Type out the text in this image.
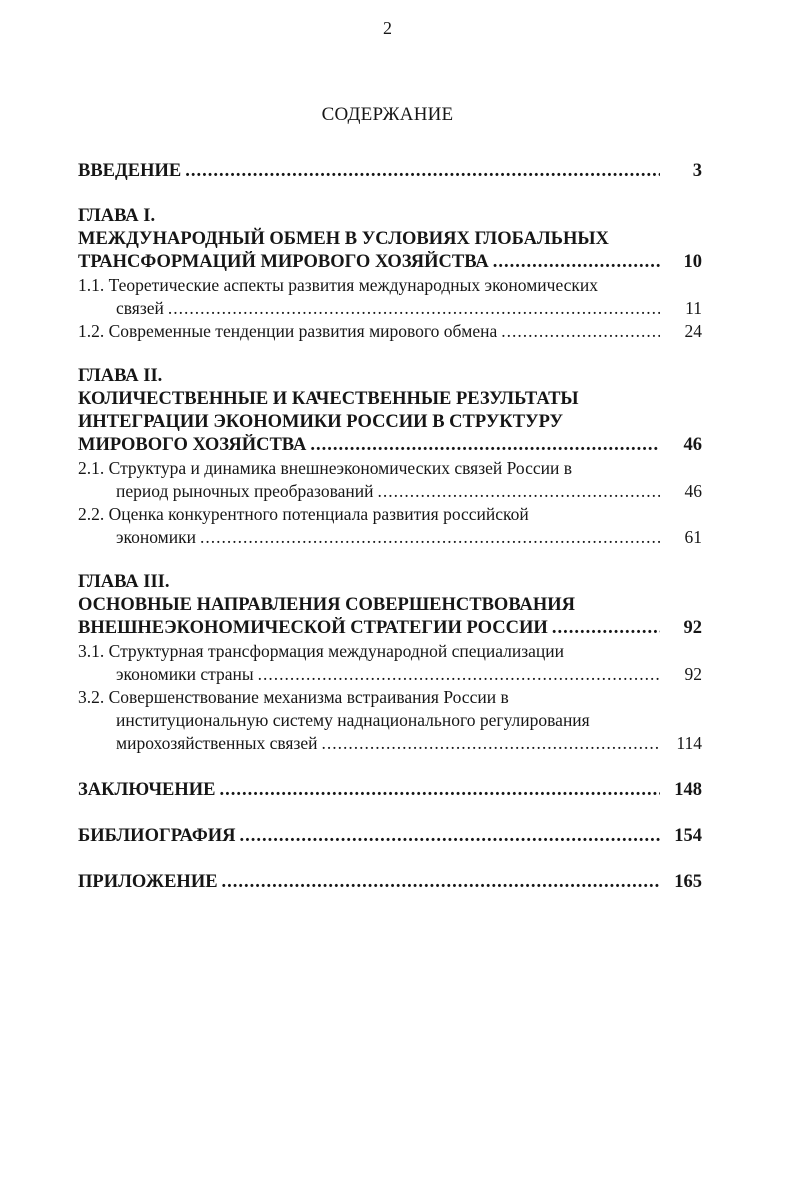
2
СОДЕРЖАНИЕ
ВВЕДЕНИЕ .....	3
ГЛАВА I.
МЕЖДУНАРОДНЫЙ ОБМЕН В УСЛОВИЯХ ГЛОБАЛЬНЫХ
ТРАНСФОРМАЦИЙ МИРОВОГО ХОЗЯЙСТВА .....	10
1.1. Теоретические аспекты развития международных экономических
связей .....	11
1.2. Современные тенденции развития мирового обмена .....	24
ГЛАВА II.
КОЛИЧЕСТВЕННЫЕ И КАЧЕСТВЕННЫЕ РЕЗУЛЬТАТЫ
ИНТЕГРАЦИИ ЭКОНОМИКИ РОССИИ В СТРУКТУРУ
МИРОВОГО ХОЗЯЙСТВА .....	46
2.1. Структура и динамика внешнеэкономических связей России в
период рыночных преобразований .....	46
2.2. Оценка конкурентного потенциала развития российской
экономики .....	61
ГЛАВА III.
ОСНОВНЫЕ НАПРАВЛЕНИЯ СОВЕРШЕНСТВОВАНИЯ
ВНЕШНЕЭКОНОМИЧЕСКОЙ СТРАТЕГИИ РОССИИ .....	92
3.1. Структурная трансформация международной специализации
экономики страны .....	92
3.2. Совершенствование механизма встраивания России в
институциональную систему наднационального регулирования
мирохозяйственных связей .....	114
ЗАКЛЮЧЕНИЕ .....	148
БИБЛИОГРАФИЯ .....	154
ПРИЛОЖЕНИЕ .....	165
